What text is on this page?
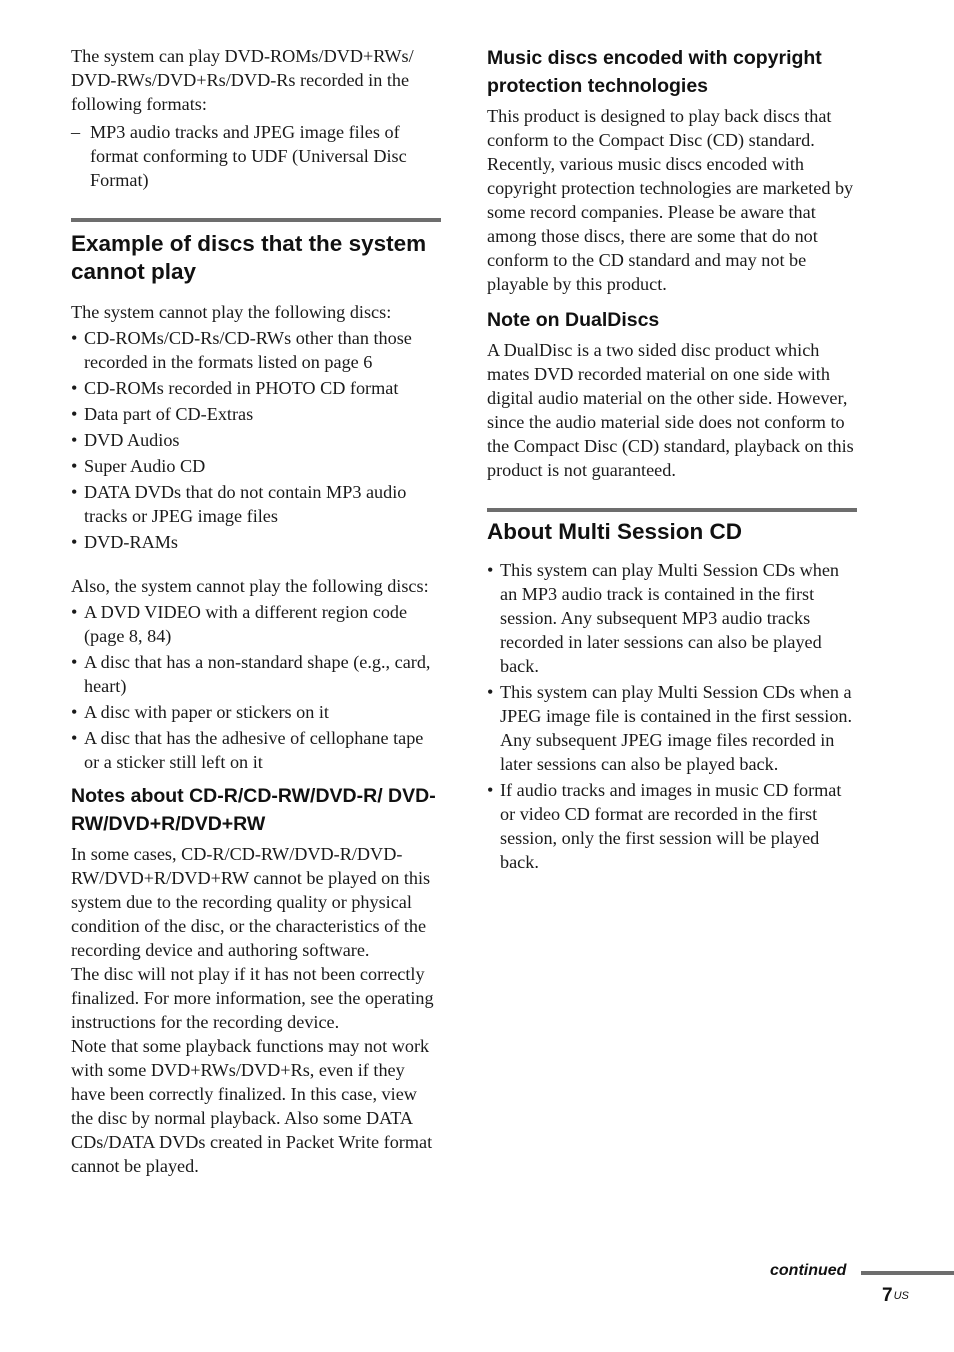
The system can play DVD-ROMs/DVD+RWs/ DVD-RWs/DVD+Rs/DVD-Rs recorded in the following formats:

– MP3 audio tracks and JPEG image files of format conforming to UDF (Universal Disc Format)

Example of discs that the system cannot play

The system cannot play the following discs:

• CD-ROMs/CD-Rs/CD-RWs other than those recorded in the formats listed on page 6
• CD-ROMs recorded in PHOTO CD format
• Data part of CD-Extras
• DVD Audios
• Super Audio CD
• DATA DVDs that do not contain MP3 audio tracks or JPEG image files
• DVD-RAMs

Also, the system cannot play the following discs:

• A DVD VIDEO with a different region code (page 8, 84)
• A disc that has a non-standard shape (e.g., card, heart)
• A disc with paper or stickers on it
• A disc that has the adhesive of cellophane tape or a sticker still left on it
Notes about CD-R/CD-RW/DVD-R/ DVD-RW/DVD+R/DVD+RW

In some cases, CD-R/CD-RW/DVD-R/DVD-RW/DVD+R/DVD+RW cannot be played on this system due to the recording quality or physical condition of the disc, or the characteristics of the recording device and authoring software.

The disc will not play if it has not been correctly finalized. For more information, see the operating instructions for the recording device.

Note that some playback functions may not work with some DVD+RWs/DVD+Rs, even if they have been correctly finalized. In this case, view the disc by normal playback. Also some DATA CDs/DATA DVDs created in Packet Write format cannot be played.

Music discs encoded with copyright protection technologies

This product is designed to play back discs that conform to the Compact Disc (CD) standard. Recently, various music discs encoded with copyright protection technologies are marketed by some record companies. Please be aware that among those discs, there are some that do not conform to the CD standard and may not be playable by this product.

Note on DualDiscs

A DualDisc is a two sided disc product which mates DVD recorded material on one side with digital audio material on the other side. However, since the audio material side does not conform to the Compact Disc (CD) standard, playback on this product is not guaranteed.

About Multi Session CD
• This system can play Multi Session CDs when an MP3 audio track is contained in the first session. Any subsequent MP3 audio tracks recorded in later sessions can also be played back.
• This system can play Multi Session CDs when a JPEG image file is contained in the first session. Any subsequent JPEG image files recorded in later sessions can also be played back.
• If audio tracks and images in music CD format or video CD format are recorded in the first session, only the first session will be played back.
continued
$7^{US}$
